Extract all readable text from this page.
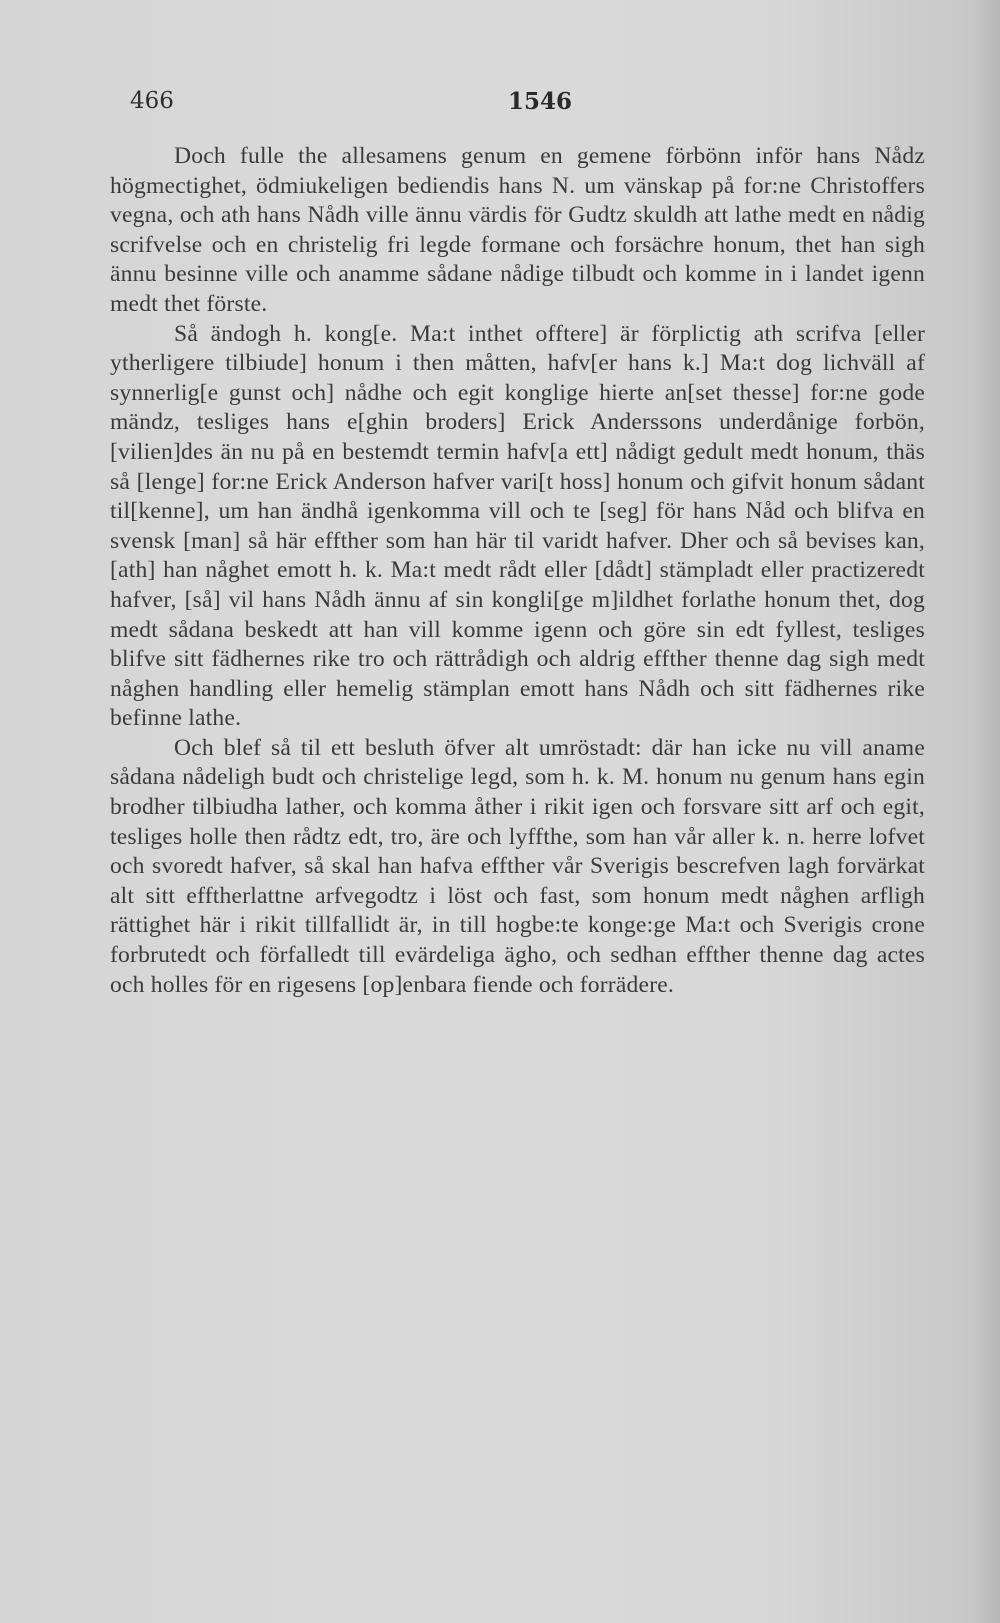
466	1546

Doch fulle the allesamens genum en gemene förbönn inför hans Nådz högmectighet, ödmiukeligen bediendis hans N. um vänskap på for:ne Christoffers vegna, och ath hans Nådh ville ännu värdis för Gudtz skuldh att lathe medt en nådig scrifvelse och en christelig fri legde formane och forsächre honum, thet han sigh ännu besinne ville och anamme sådane nådige tilbudt och komme in i landet igenn medt thet förste.

Så ändogh h. kong[e. Ma:t inthet offtere] är förplictig ath scrifva [eller ytherligere tilbiude] honum i then måtten, hafv[er hans k.] Ma:t dog lichväll af synnerlig[e gunst och] nådhe och egit konglige hierte an[set thesse] for:ne gode mändz, tesliges hans e[ghin broders] Erick Anderssons underdånige forbön, [vilien]des än nu på en bestemdt termin hafv[a ett] nådigt gedult medt honum, thäs så [lenge] for:ne Erick Anderson hafver vari[t hoss] honum och gifvit honum sådant til[kenne], um han ändhå igenkomma vill och te [seg] för hans Nåd och blifva en svensk [man] så här effther som han här til varidt hafver. Dher och så bevises kan, [ath] han någhet emott h. k. Ma:t medt rådt eller [dådt] stämpladt eller practizeredt hafver, [så] vil hans Nådh ännu af sin kongli[ge m]ildhet forlathe honum thet, dog medt sådana beskedt att han vill komme igenn och göre sin edt fyllest, tesliges blifve sitt fädhernes rike tro och rättrådigh och aldrig effther thenne dag sigh medt någhen handling eller hemelig stämplan emott hans Nådh och sitt fädhernes rike befinne lathe.

Och blef så til ett besluth öfver alt umröstadt: där han icke nu vill aname sådana nådeligh budt och christelige legd, som h. k. M. honum nu genum hans egin brodher tilbiudha lather, och komma åther i rikit igen och forsvare sitt arf och egit, tesliges holle then rådtz edt, tro, äre och lyffthe, som han vår aller k. n. herre lofvet och svoredt hafver, så skal han hafva effther vår Sverigis bescrefven lagh forvärkat alt sitt efftherlattne arfvegodtz i löst och fast, som honum medt någhen arfligh rättighet här i rikit tillfallidt är, in till hogbe:te konge:ge Ma:t och Sverigis crone forbrutedt och förfalledt till evärdeliga ägho, och sedhan effther thenne dag actes och holles för en rigesens [op]enbara fiende och forrädere.
